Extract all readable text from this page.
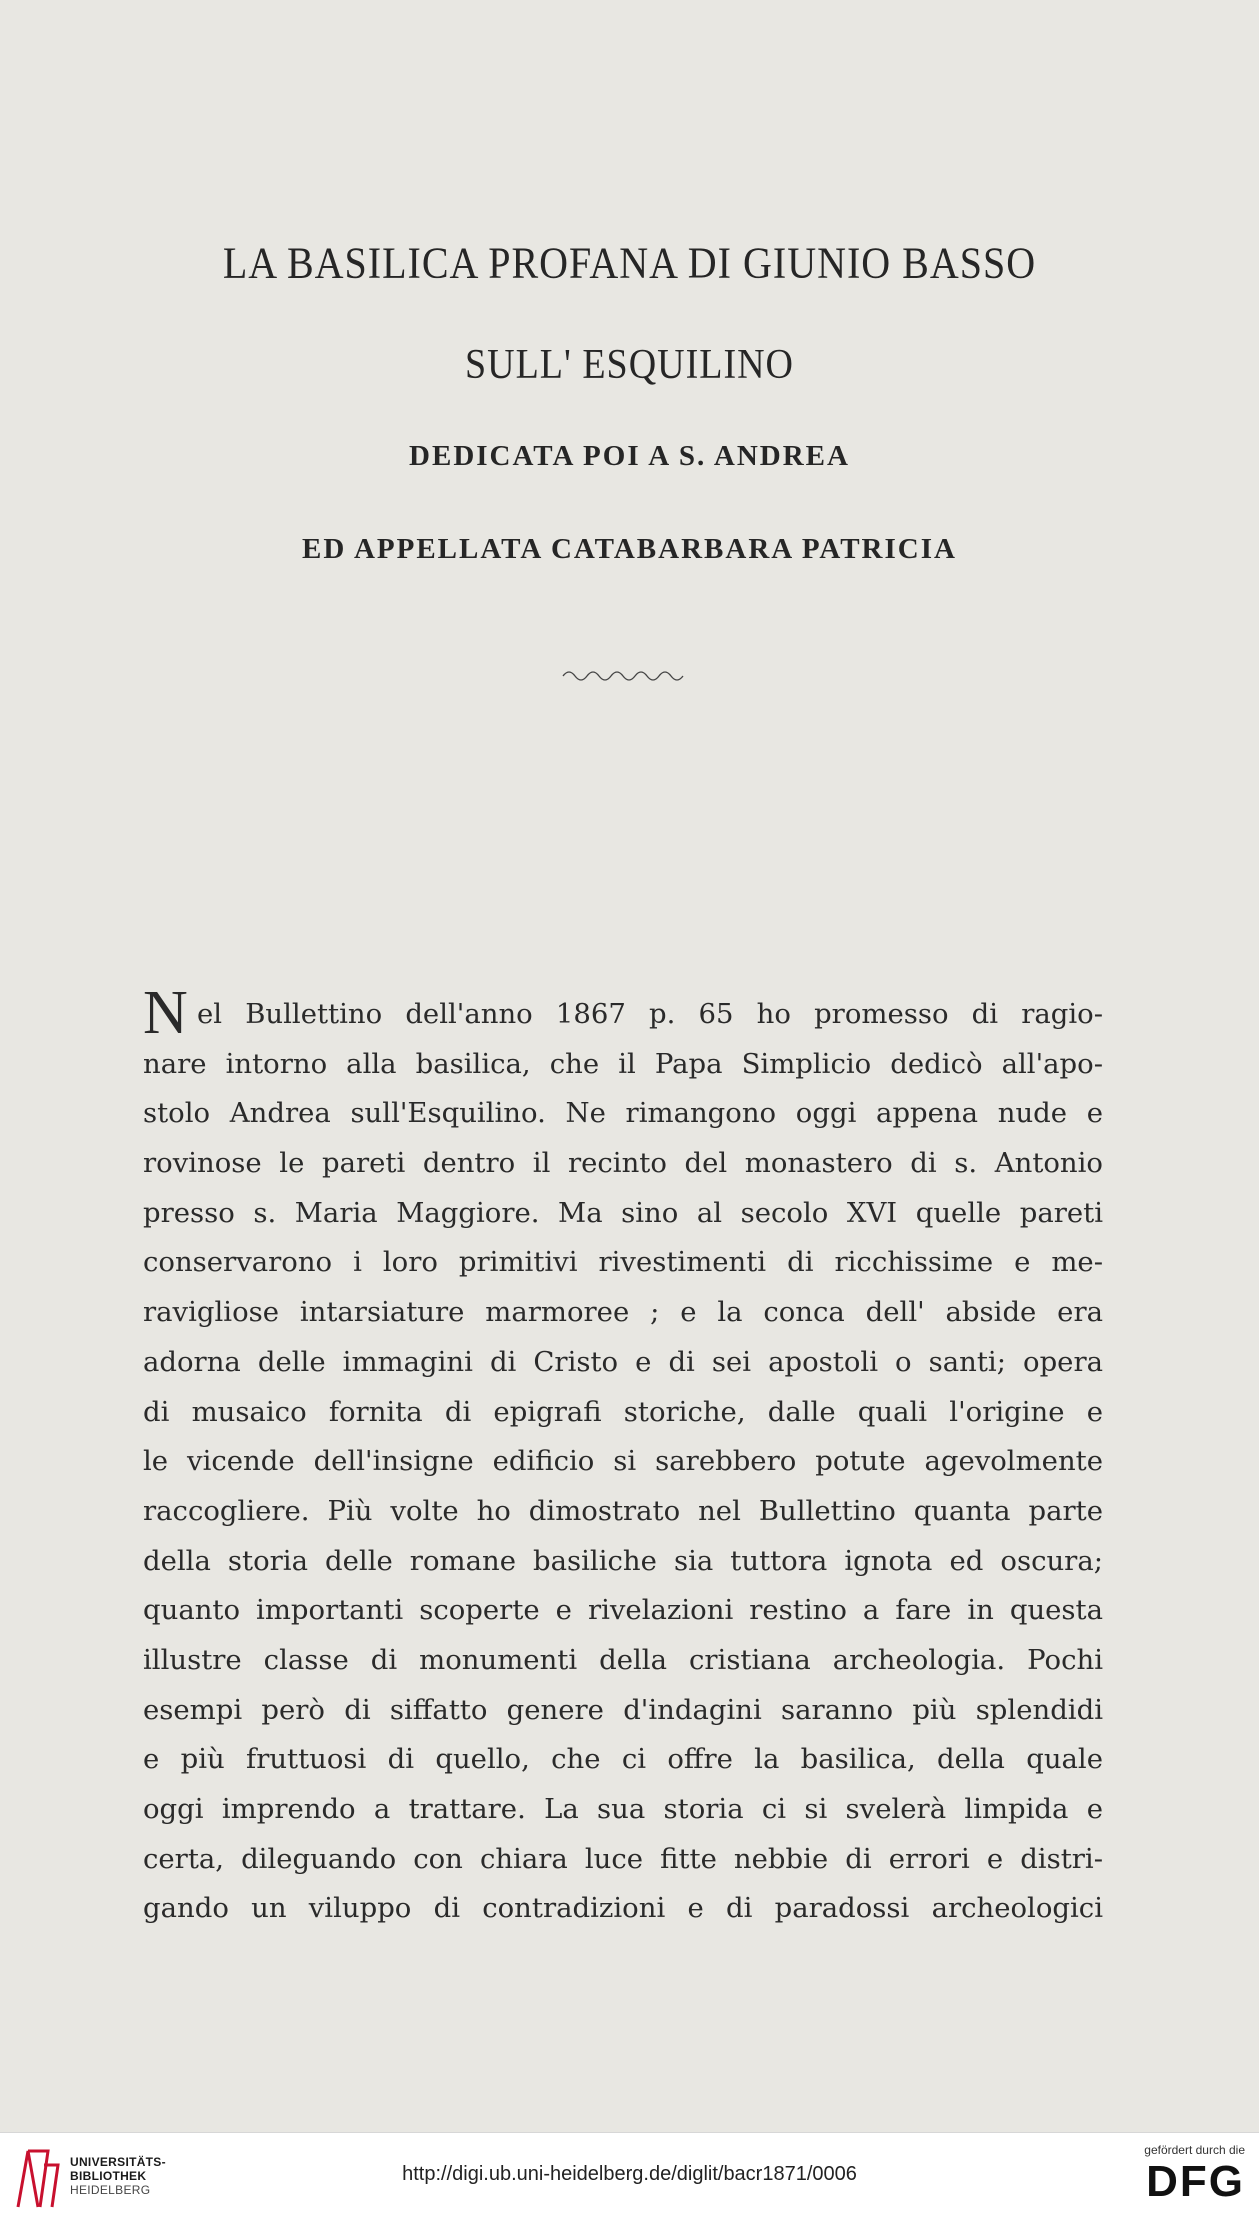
LA BASILICA PROFANA DI GIUNIO BASSO
SULL' ESQUILINO
DEDICATA POI A S. ANDREA
ED APPELLATA CATABARBARA PATRICIA
N el Bullettino dell'anno 1867 p. 65 ho promesso di ragio-
nare intorno alla basilica, che il Papa Simplicio dedicò all'apo-
stolo Andrea sull'Esquilino. Ne rimangono oggi appena nude e
rovinose le pareti dentro il recinto del monastero di s. Antonio
presso s. Maria Maggiore. Ma sino al secolo XVI quelle pareti
conservarono i loro primitivi rivestimenti di ricchissime e me-
ravigliose intarsiature marmoree ; e la conca dell' abside era
adorna delle immagini di Cristo e di sei apostoli o santi; opera
di musaico fornita di epigrafi storiche, dalle quali l'origine e
le vicende dell'insigne edificio si sarebbero potute agevolmente
raccogliere. Più volte ho dimostrato nel Bullettino quanta parte
della storia delle romane basiliche sia tuttora ignota ed oscura;
quanto importanti scoperte e rivelazioni restino a fare in questa
illustre classe di monumenti della cristiana archeologia. Pochi
esempi però di siffatto genere d'indagini saranno più splendidi
e più fruttuosi di quello, che ci offre la basilica, della quale
oggi imprendo a trattare. La sua storia ci si svelerà limpida e
certa, dileguando con chiara luce fitte nebbie di errori e distri-
gando un viluppo di contradizioni e di paradossi archeologici
UNIVERSITÄTS-
BIBLIOTHEK
HEIDELBERG
http://digi.ub.uni-heidelberg.de/diglit/bacr1871/0006
gefördert durch die
DFG
